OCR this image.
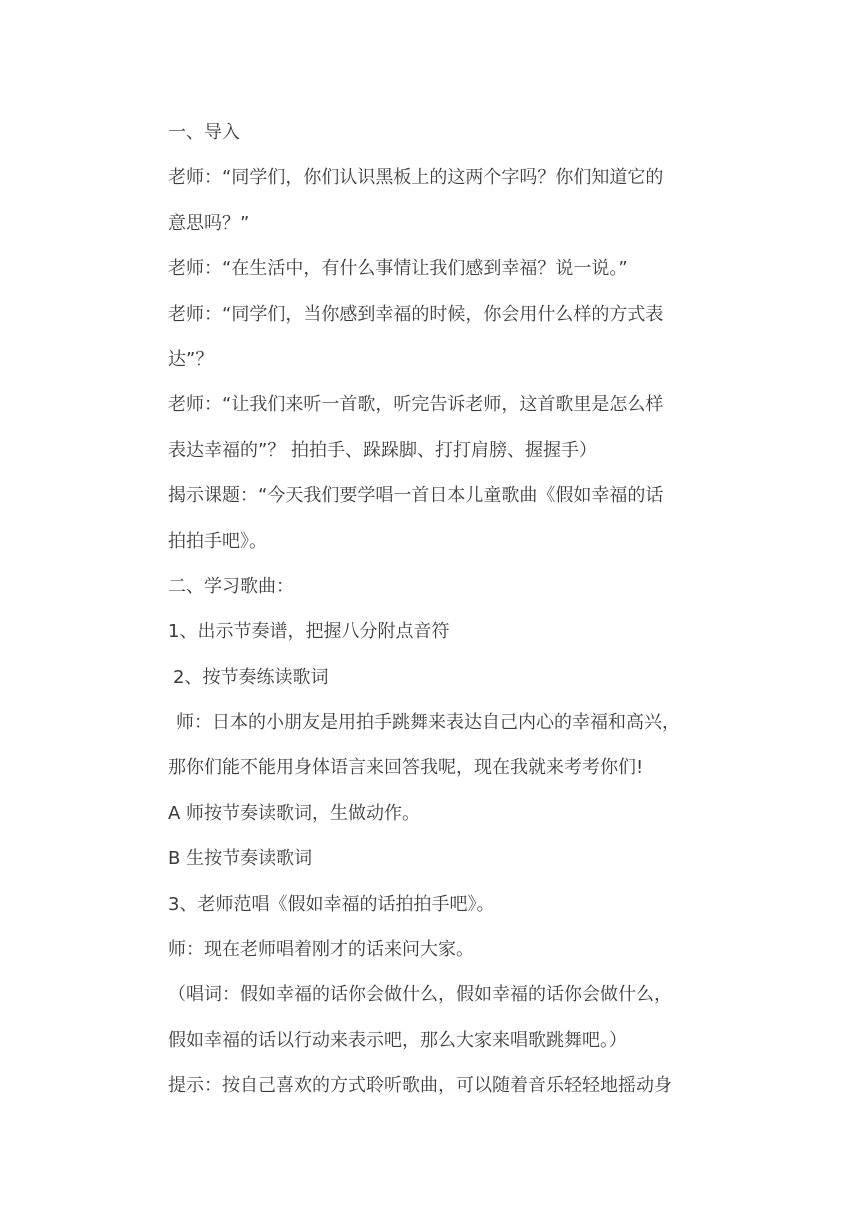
一、导入
老师：“同学们，你们认识黑板上的这两个字吗？你们知道它的
意思吗？”
老师：“在生活中，有什么事情让我们感到幸福？说一说。”
老师：“同学们，当你感到幸福的时候，你会用什么样的方式表
达”？
老师：“让我们来听一首歌，听完告诉老师，这首歌里是怎么样
表达幸福的”？ 拍拍手、跺跺脚、打打肩膀、握握手）
揭示课题：“今天我们要学唱一首日本儿童歌曲《假如幸福的话
拍拍手吧》。
二、学习歌曲：
1、出示节奏谱，把握八分附点音符
2、按节奏练读歌词
师：日本的小朋友是用拍手跳舞来表达自己内心的幸福和高兴，
那你们能不能用身体语言来回答我呢，现在我就来考考你们!
A 师按节奏读歌词，生做动作。
B 生按节奏读歌词
3、老师范唱《假如幸福的话拍拍手吧》。
师：现在老师唱着刚才的话来问大家。
（唱词：假如幸福的话你会做什么，假如幸福的话你会做什么，
假如幸福的话以行动来表示吧，那么大家来唱歌跳舞吧。）
提示：按自己喜欢的方式聆听歌曲，可以随着音乐轻轻地摇动身
